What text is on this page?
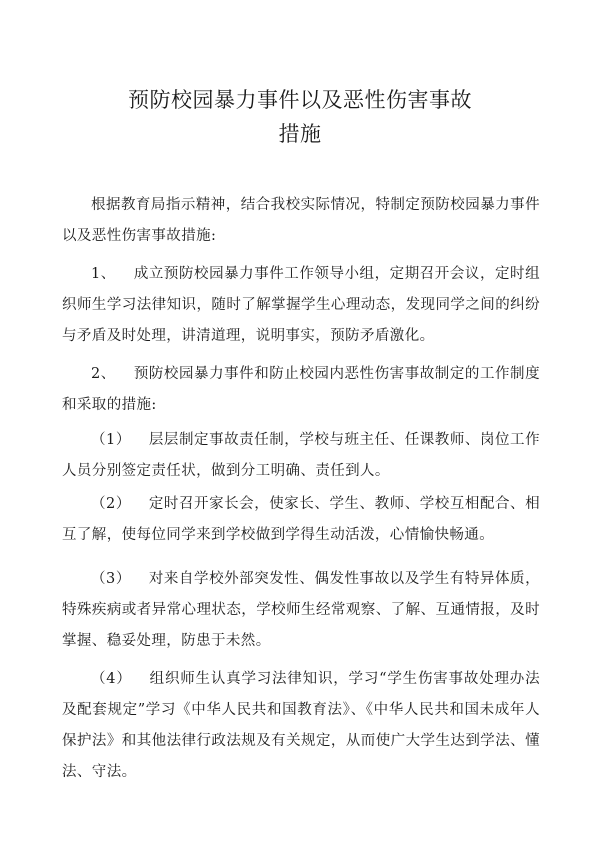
预防校园暴力事件以及恶性伤害事故
措施
根据教育局指示精神，结合我校实际情况，特制定预防校园暴力事件以及恶性伤害事故措施:
1、 成立预防校园暴力事件工作领导小组，定期召开会议，定时组织师生学习法律知识，随时了解掌握学生心理动态，发现同学之间的纠纷与矛盾及时处理，讲清道理，说明事实，预防矛盾激化。
2、 预防校园暴力事件和防止校园内恶性伤害事故制定的工作制度和采取的措施:
（1） 层层制定事故责任制，学校与班主任、任课教师、岗位工作人员分别签定责任状，做到分工明确、责任到人。
（2） 定时召开家长会，使家长、学生、教师、学校互相配合、相互了解，使每位同学来到学校做到学得生动活泼，心情愉快畅通。
（3） 对来自学校外部突发性、偶发性事故以及学生有特异体质，特殊疾病或者异常心理状态，学校师生经常观察、了解、互通情报，及时掌握、稳妥处理，防患于未然。
（4） 组织师生认真学习法律知识，学习“学生伤害事故处理办法及配套规定”学习《中华人民共和国教育法》、《中华人民共和国未成年人保护法》和其他法律行政法规及有关规定，从而使广大学生达到学法、懂法、守法。
